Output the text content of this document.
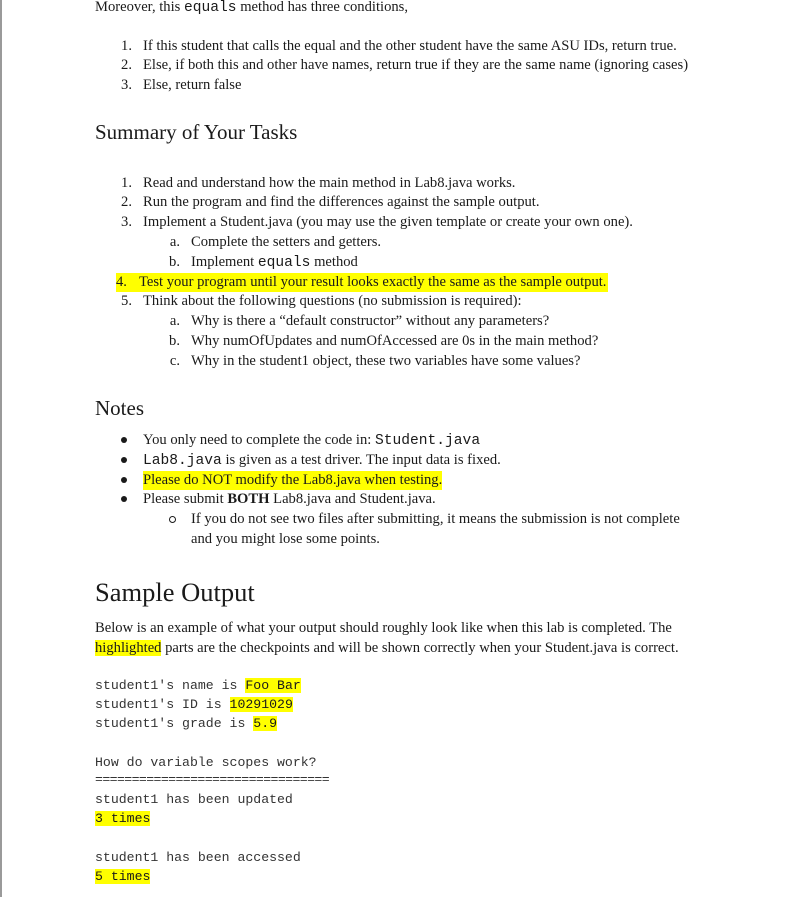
Moreover, this equals method has three conditions,
1. If this student that calls the equal and the other student have the same ASU IDs, return true.
2. Else, if both this and other have names, return true if they are the same name (ignoring cases)
3. Else, return false
Summary of Your Tasks
1. Read and understand how the main method in Lab8.java works.
2. Run the program and find the differences against the sample output.
3. Implement a Student.java (you may use the given template or create your own one).
a. Complete the setters and getters.
b. Implement equals method
4. Test your program until your result looks exactly the same as the sample output.
5. Think about the following questions (no submission is required):
a. Why is there a “default constructor” without any parameters?
b. Why numOfUpdates and numOfAccessed are 0s in the main method?
c. Why in the student1 object, these two variables have some values?
Notes
You only need to complete the code in: Student.java
Lab8.java is given as a test driver. The input data is fixed.
Please do NOT modify the Lab8.java when testing.
Please submit BOTH Lab8.java and Student.java.
If you do not see two files after submitting, it means the submission is not complete
and you might lose some points.
Sample Output
Below is an example of what your output should roughly look like when this lab is completed. The
highlighted parts are the checkpoints and will be shown correctly when your Student.java is correct.
student1's name is Foo Bar
student1's ID is 10291029
student1's grade is 5.9
How do variable scopes work?
================================
student1 has been updated
3 times
student1 has been accessed
5 times
